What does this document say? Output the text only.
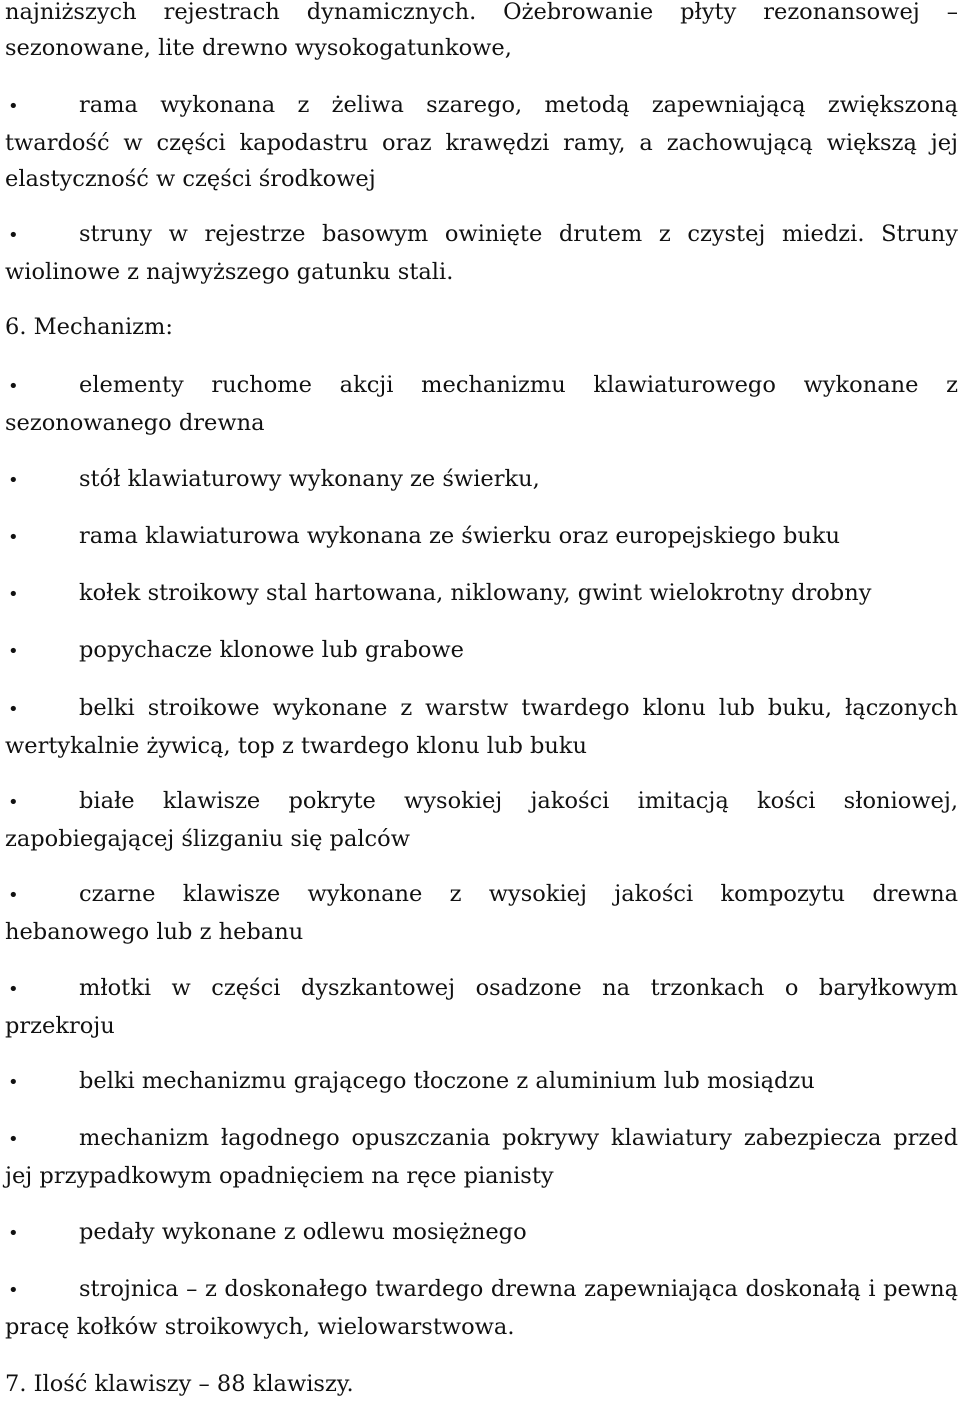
najniższych rejestrach dynamicznych. Ożebrowanie płyty rezonansowej – sezonowane, lite drewno wysokogatunkowe,

•	rama wykonana z żeliwa szarego, metodą zapewniającą zwiększoną twardość w części kapodastru oraz krawędzi ramy, a zachowującą większą jej elastyczność w części środkowej

•	struny w rejestrze basowym owinięte drutem z czystej miedzi. Struny wiolinowe z najwyższego gatunku stali.

6. Mechanizm:

•	elementy ruchome akcji mechanizmu klawiaturowego wykonane z sezonowanego drewna

•	stół klawiaturowy wykonany ze świerku,

•	rama klawiaturowa wykonana ze świerku oraz europejskiego buku

•	kołek stroikowy stal hartowana, niklowany, gwint wielokrotny drobny

•	popychacze klonowe lub grabowe

•	belki stroikowe wykonane z warstw twardego klonu lub buku, łączonych wertykalnie żywicą, top z twardego klonu lub buku

•	białe klawisze pokryte wysokiej jakości imitacją kości słoniowej, zapobiegającej ślizganiu się palców

•	czarne klawisze wykonane z wysokiej jakości kompozytu drewna hebanowego lub z hebanu

•	młotki w części dyszkantowej osadzone na trzonkach o baryłkowym przekroju

•	belki mechanizmu grającego tłoczone z aluminium lub mosiądzu

•	mechanizm łagodnego opuszczania pokrywy klawiatury zabezpiecza przed jej przypadkowym opadnięciem na ręce pianisty

•	pedały wykonane z odlewu mosiężnego

•	strojnica – z doskonałego twardego drewna zapewniająca doskonałą i pewną pracę kołków stroikowych, wielowarstwowa.

7. Ilość klawiszy – 88 klawiszy.
